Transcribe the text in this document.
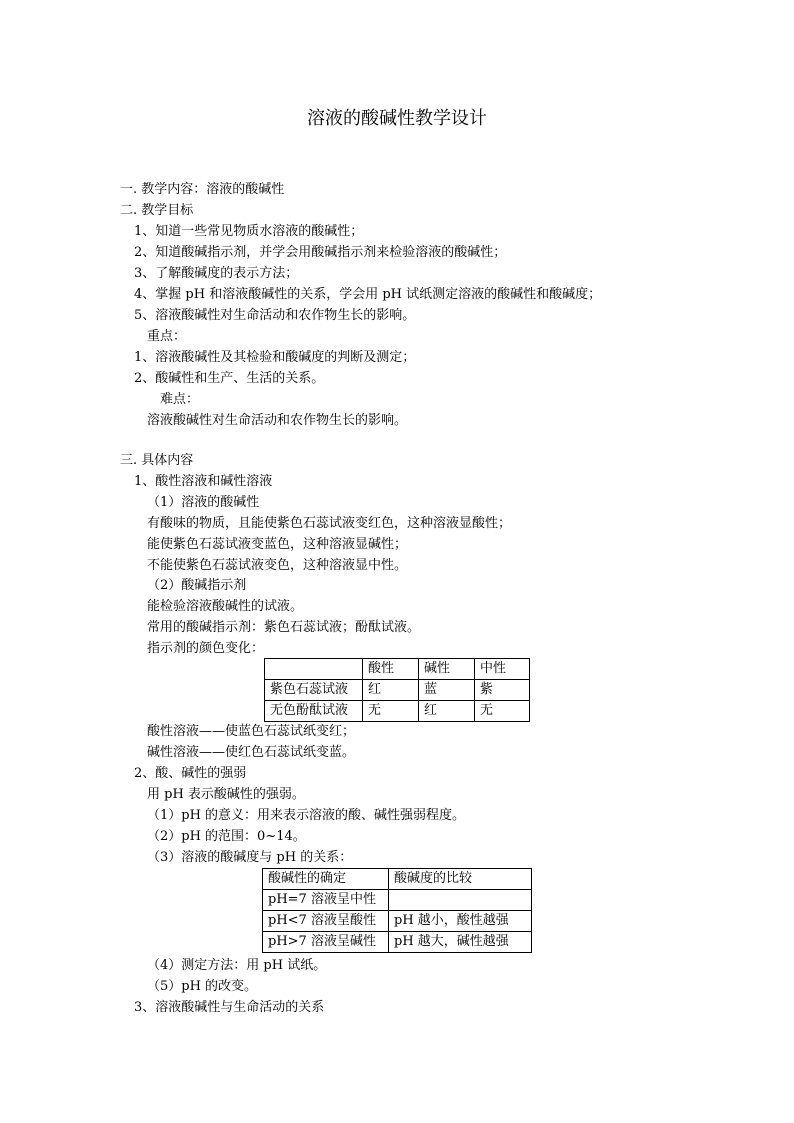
溶液的酸碱性教学设计
一. 教学内容：溶液的酸碱性
二. 教学目标
1、知道一些常见物质水溶液的酸碱性；
2、知道酸碱指示剂，并学会用酸碱指示剂来检验溶液的酸碱性；
3、了解酸碱度的表示方法；
4、掌握 pH 和溶液酸碱性的关系，学会用 pH 试纸测定溶液的酸碱性和酸碱度；
5、溶液酸碱性对生命活动和农作物生长的影响。
重点：
1、溶液酸碱性及其检验和酸碱度的判断及测定；
2、酸碱性和生产、生活的关系。
难点：
溶液酸碱性对生命活动和农作物生长的影响。
三. 具体内容
1、酸性溶液和碱性溶液
（1）溶液的酸碱性
有酸味的物质，且能使紫色石蕊试液变红色，这种溶液显酸性；
能使紫色石蕊试液变蓝色，这种溶液显碱性；
不能使紫色石蕊试液变色，这种溶液显中性。
（2）酸碱指示剂
能检验溶液酸碱性的试液。
常用的酸碱指示剂：紫色石蕊试液；酚酞试液。
指示剂的颜色变化：
	酸性	碱性	中性
紫色石蕊试液	红	蓝	紫
无色酚酞试液	无	红	无
酸性溶液——使蓝色石蕊试纸变红；
碱性溶液——使红色石蕊试纸变蓝。
2、酸、碱性的强弱
用 pH 表示酸碱性的强弱。
（1）pH 的意义：用来表示溶液的酸、碱性强弱程度。
（2）pH 的范围：0~14。
（3）溶液的酸碱度与 pH 的关系：
酸碱性的确定	酸碱度的比较
pH=7 溶液呈中性	
pH<7 溶液呈酸性	pH 越小，酸性越强
pH>7 溶液呈碱性	pH 越大，碱性越强
（4）测定方法：用 pH 试纸。
（5）pH 的改变。
3、溶液酸碱性与生命活动的关系
